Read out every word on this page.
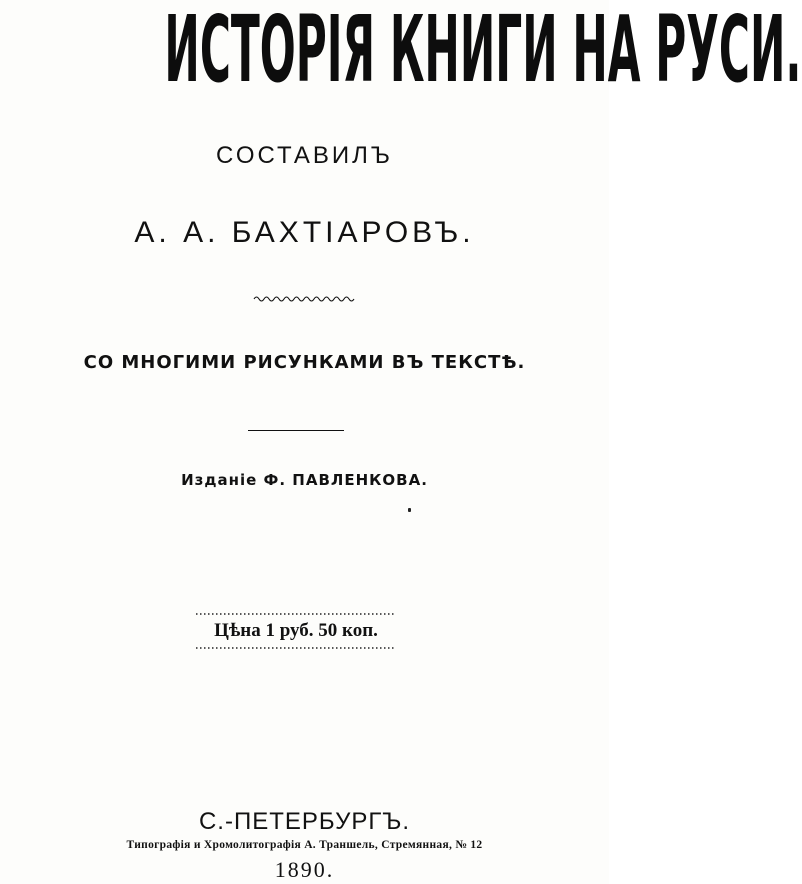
ИСТОРІЯ КНИГИ НА РУСИ.
СОСТАВИЛЪ
А. А. БАХТІАРОВЪ.
СО МНОГИМИ РИСУНКАМИ ВЪ ТЕКСТѢ.
Изданіе Ф. ПАВЛЕНКОВА.
Цѣна 1 руб. 50 коп.
С.-ПЕТЕРБУРГЪ.
Типографія и Хромолитографія А. Траншель, Стремянная, № 12
1890.
